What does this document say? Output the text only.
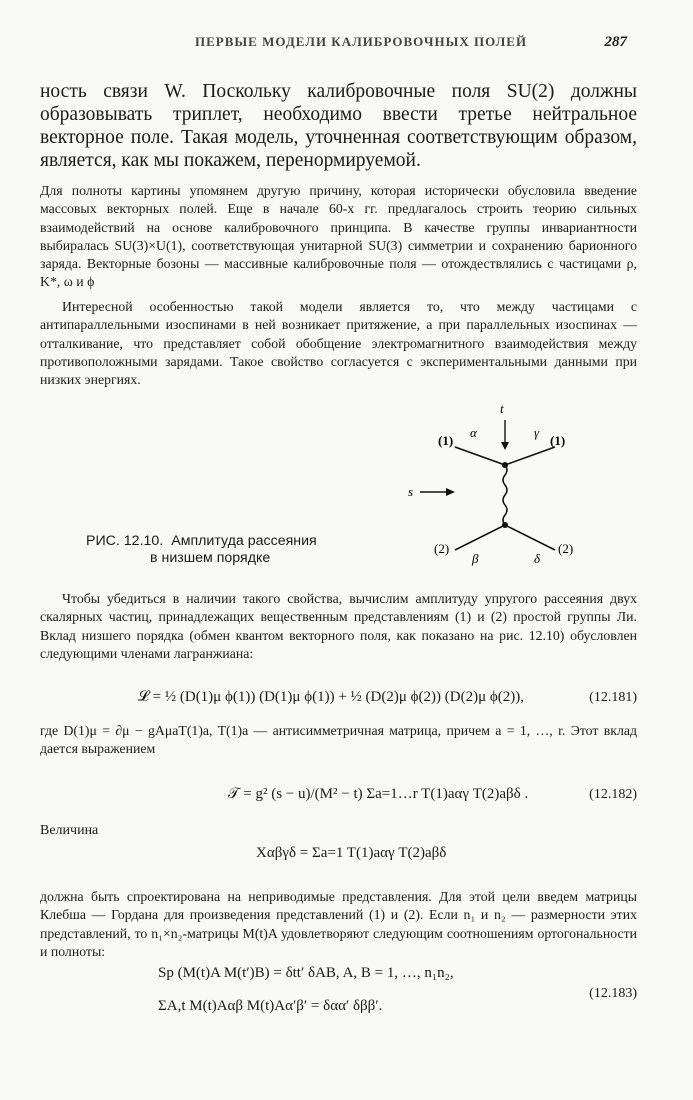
ПЕРВЫЕ МОДЕЛИ КАЛИБРОВОЧНЫХ ПОЛЕЙ	287
ность связи W. Поскольку калибровочные поля SU(2) должны образовывать триплет, необходимо ввести третье нейтральное векторное поле. Такая модель, уточненная соответствующим образом, является, как мы покажем, перенормируемой.
Для полноты картины упомянем другую причину, которая исторически обусловила введение массовых векторных полей. Еще в начале 60-х гг. предлагалось строить теорию сильных взаимодействий на основе калибровочного принципа. В качестве группы инвариантности выбиралась SU(3)×U(1), соответствующая унитарной SU(3) симметрии и сохранению барионного заряда. Векторные бозоны — массивные калибровочные поля — отождествлялись с частицами ρ, K*, ω и ϕ
Интересной особенностью такой модели является то, что между частицами с антипараллельными изоспинами в ней возникает притяжение, а при параллельных изоспинах — отталкивание, что представляет собой обобщение электромагнитного взаимодействия между противоположными зарядами. Такое свойство согласуется с экспериментальными данными при низких энергиях.
РИС. 12.10. Амплитуда рассеяния
в низшем порядке
t
s
(1)
α	γ
(1)
(2)
β	δ
(2)
Чтобы убедиться в наличии такого свойства, вычислим амплитуду упругого рассеяния двух скалярных частиц, принадлежащих вещественным представлениям (1) и (2) простой группы Ли. Вклад низшего порядка (обмен квантом векторного поля, как показано на рис. 12.10) обусловлен следующими членами лагранжиана:
𝓛 = ½ (D(1)μ ϕ(1)) (D(1)μ ϕ(1)) + ½ (D(2)μ ϕ(2)) (D(2)μ ϕ(2)),	(12.181)
где D(1)μ = ∂μ − gAμaT(1)a, T(1)a — антисимметричная матрица, причем a = 1, …, r. Этот вклад дается выражением
𝒯 = g² (s − u)/(M² − t) Σa=1…r T(1)aαγ T(2)aβδ .	(12.182)
Величина
Xαβγδ = Σa=1 T(1)aαγ T(2)aβδ
должна быть спроектирована на неприводимые представления. Для этой цели введем матрицы Клебша — Гордана для произведения представлений (1) и (2). Если n₁ и n₂ — размерности этих представлений, то n₁×n₂-матрицы M(t)A удовлетворяют следующим соотношениям ортогональности и полноты:
Sp (M(t)A M(t′)B) = δtt′ δAB, A, B = 1, …, n₁n₂,
ΣA,t M(t)Aαβ M(t)Aα′β′ = δαα′ δββ′.
(12.183)
